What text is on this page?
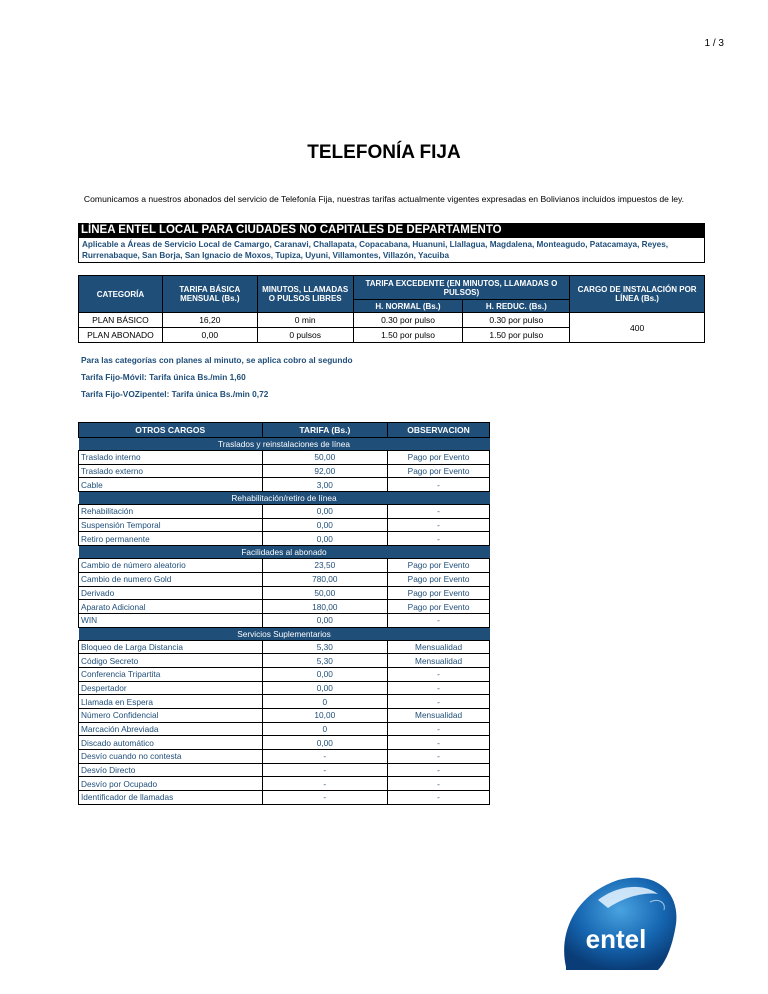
1 / 3
TELEFONÍA FIJA
Comunicamos a nuestros abonados del servicio de Telefonía Fija, nuestras tarifas actualmente vigentes expresadas en Bolivianos incluidos impuestos de ley.
LÍNEA ENTEL LOCAL PARA CIUDADES NO CAPITALES DE DEPARTAMENTO
Aplicable a Áreas de Servicio Local de Camargo, Caranavi, Challapata, Copacabana, Huanuni, Llallagua, Magdalena, Monteagudo, Patacamaya, Reyes, Rurrenabaque, San Borja, San Ignacio de Moxos, Tupiza, Uyuni, Villamontes, Villazón, Yacuiba
CATEGORÍA	TARIFA BÁSICA MENSUAL (Bs.)	MINUTOS, LLAMADAS O PULSOS LIBRES	TARIFA EXCEDENTE (EN MINUTOS, LLAMADAS O PULSOS)		CARGO DE INSTALACIÓN POR LÍNEA (Bs.)
			H. NORMAL (Bs.)	H. REDUC. (Bs.)	
PLAN BÁSICO	16,20	0 min	0.30 por pulso	0.30 por pulso	400
PLAN ABONADO	0,00	0 pulsos	1.50 por pulso	1.50 por pulso	
Para las categorías con planes al minuto, se aplica cobro al segundo
Tarifa Fijo-Móvil: Tarifa única Bs./min 1,60
Tarifa Fijo-VOZipentel: Tarifa única Bs./min 0,72
OTROS CARGOS	TARIFA (Bs.)	OBSERVACION
Traslados y reinstalaciones de línea		
Traslado interno	50,00	Pago por Evento
Traslado externo	92,00	Pago por Evento
Cable	3,00	-
Rehabilitación/retiro de línea		
Rehabilitación	0,00	-
Suspensión Temporal	0,00	-
Retiro permanente	0,00	-
Facilidades al abonado		
Cambio de número aleatorio	23,50	Pago por Evento
Cambio de numero Gold	780,00	Pago por Evento
Derivado	50,00	Pago por Evento
Aparato Adicional	180,00	Pago por Evento
WIN	0,00	-
Servicios Suplementarios		
Bloqueo de Larga Distancia	5,30	Mensualidad
Código Secreto	5,30	Mensualidad
Conferencia Tripartita	0,00	-
Despertador	0,00	-
Llamada en Espera	0	-
Número Confidencial	10,00	Mensualidad
Marcación Abreviada	0	-
Discado automático	0,00	-
Desvío cuando no contesta	-	-
Desvío Directo	-	-
Desvío por Ocupado	-	-
Identificador de llamadas	-	-
entel
